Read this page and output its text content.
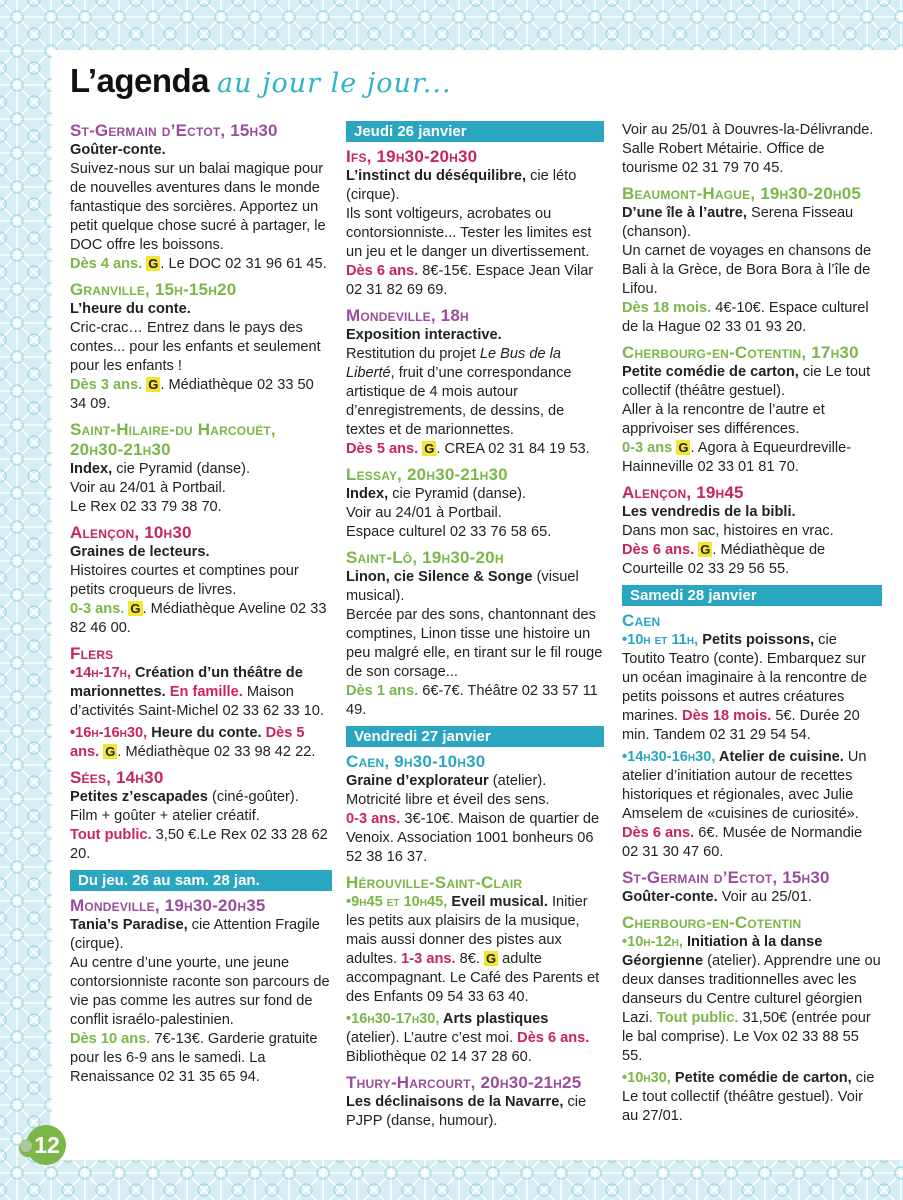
L’agenda au jour le jour...
St-Germain d’Ectot, 15h30
Goûter-conte.
Suivez-nous sur un balai magique pour de nouvelles aventures dans le monde fantastique des sorcières. Apportez un petit quelque chose sucré à partager, le DOC offre les boissons.
Dès 4 ans. G . Le DOC 02 31 96 61 45.
Granville, 15h-15h20
L’heure du conte.
Cric-crac… Entrez dans le pays des contes... pour les enfants et seulement pour les enfants !
Dès 3 ans. G . Médiathèque 02 33 50 34 09.
Saint-Hilaire-du Harcouët, 20h30-21h30
Index, cie Pyramid (danse).
Voir au 24/01 à Portbail.
Le Rex 02 33 79 38 70.
Alençon, 10h30
Graines de lecteurs.
Histoires courtes et comptines pour petits croqueurs de livres.
0-3 ans. G . Médiathèque Aveline 02 33 82 46 00.
Flers
•14h-17h, Création d’un théâtre de marionnettes. En famille. Maison d’activités Saint-Michel 02 33 62 33 10.
•16h-16h30, Heure du conte. Dès 5 ans. G . Médiathèque 02 33 98 42 22.
Sées, 14h30
Petites z’escapades (ciné-goûter).
Film + goûter + atelier créatif.
Tout public. 3,50 €.Le Rex 02 33 28 62 20.
Du jeu. 26 au sam. 28 jan.
Mondeville, 19h30-20h35
Tania’s Paradise, cie Attention Fragile (cirque).
Au centre d’une yourte, une jeune contorsionniste raconte son parcours de vie pas comme les autres sur fond de conflit israélo-palestinien.
Dès 10 ans. 7€-13€. Garderie gratuite pour les 6-9 ans le samedi. La Renaissance 02 31 35 65 94.
Jeudi 26 janvier
Ifs, 19h30-20h30
L’instinct du déséquilibre, cie léto (cirque).
Ils sont voltigeurs, acrobates ou contorsionniste... Tester les limites est un jeu et le danger un divertissement.
Dès 6 ans. 8€-15€. Espace Jean Vilar 02 31 82 69 69.
Mondeville, 18h
Exposition interactive.
Restitution du projet Le Bus de la Liberté, fruit d’une correspondance artistique de 4 mois autour d’enregistrements, de dessins, de textes et de marionnettes.
Dès 5 ans. G . CREA 02 31 84 19 53.
Lessay, 20h30-21h30
Index, cie Pyramid (danse).
Voir au 24/01 à Portbail.
Espace culturel 02 33 76 58 65.
Saint-Lô, 19h30-20h
Linon, cie Silence & Songe (visuel musical).
Bercée par des sons, chantonnant des comptines, Linon tisse une histoire un peu malgré elle, en tirant sur le fil rouge de son corsage...
Dès 1 ans. 6€-7€. Théâtre 02 33 57 11 49.
Vendredi 27 janvier
Caen, 9h30-10h30
Graine d’explorateur (atelier).
Motricité libre et éveil des sens.
0-3 ans. 3€-10€. Maison de quartier de Venoix. Association 1001 bonheurs 06 52 38 16 37.
Hérouville-Saint-Clair
•9h45 et 10h45, Eveil musical. Initier les petits aux plaisirs de la musique, mais aussi donner des pistes aux adultes. 1-3 ans. 8€. G adulte accompagnant. Le Café des Parents et des Enfants 09 54 33 63 40.
•16h30-17h30, Arts plastiques (atelier). L’autre c’est moi. Dès 6 ans. Bibliothèque 02 14 37 28 60.
Thury-Harcourt, 20h30-21h25
Les déclinaisons de la Navarre, cie PJPP (danse, humour).
Voir au 25/01 à Douvres-la-Délivrande. Salle Robert Métairie. Office de tourisme 02 31 79 70 45.
Beaumont-Hague, 19h30-20h05
D’une île à l’autre, Serena Fisseau (chanson).
Un carnet de voyages en chansons de Bali à la Grèce, de Bora Bora à l’île de Lifou.
Dès 18 mois. 4€-10€. Espace culturel de la Hague 02 33 01 93 20.
Cherbourg-en-Cotentin, 17h30
Petite comédie de carton, cie Le tout collectif (théâtre gestuel).
Aller à la rencontre de l’autre et apprivoiser ses différences.
0-3 ans G . Agora à Equeurdreville-Hainneville 02 33 01 81 70.
Alençon, 19h45
Les vendredis de la bibli.
Dans mon sac, histoires en vrac.
Dès 6 ans. G . Médiathèque de Courteille 02 33 29 56 55.
Samedi 28 janvier
Caen
•10h et 11h, Petits poissons, cie Toutito Teatro (conte). Embarquez sur un océan imaginaire à la rencontre de petits poissons et autres créatures marines. Dès 18 mois. 5€. Durée 20 min. Tandem 02 31 29 54 54.
•14h30-16h30, Atelier de cuisine. Un atelier d’initiation autour de recettes historiques et régionales, avec Julie Amselem de «cuisines de curiosité». Dès 6 ans. 6€. Musée de Normandie 02 31 30 47 60.
St-Germain d’Ectot, 15h30
Goûter-conte. Voir au 25/01.
Cherbourg-en-Cotentin
•10h-12h, Initiation à la danse Géorgienne (atelier). Apprendre une ou deux danses traditionnelles avec les danseurs du Centre culturel géorgien Lazi. Tout public. 31,50€ (entrée pour le bal comprise). Le Vox 02 33 88 55 55.
•10h30, Petite comédie de carton, cie Le tout collectif (théâtre gestuel). Voir au 27/01.
12
